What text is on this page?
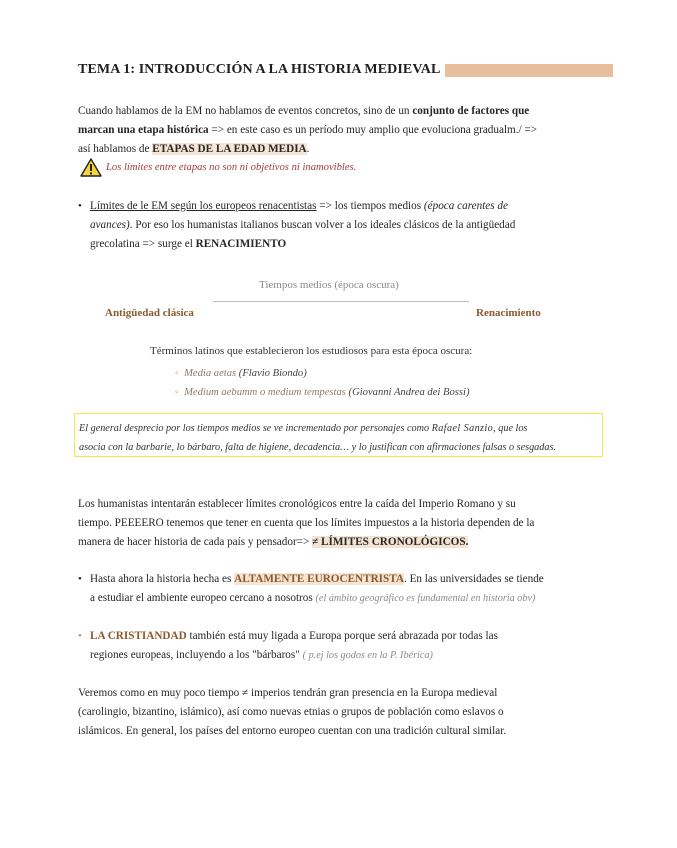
TEMA 1: INTRODUCCIÓN A LA HISTORIA MEDIEVAL

Cuando hablamos de la EM no hablamos de eventos concretos, sino de un conjunto de factores que

marcan una etapa histórica => en este caso es un período muy amplio que evoluciona gradualm./ =>

así hablamos de ETAPAS DE LA EDAD MEDIA.

Los límites entre etapas no son ni objetivos ni inamovibles.
• Límites de le EM según los europeos renacentistas => los tiempos medios (época carentes de

avances). Por eso los humanistas italianos buscan volver a los ideales clásicos de la antigüedad

grecolatina => surge el RENACIMIENTO

Tiempos medios (época oscura)
Antigüedad clásica	Renacimiento
Términos latinos que establecieron los estudiosos para esta época oscura:
◦ Media aetas (Flavio Biondo)
◦ Medium aebumm o medium tempestas (Giovanni Andrea dei Bossi)

El general desprecio por los tiempos medios se ve incrementado por personajes como Rafael Sanzio, que los

asocia con la barbarie, lo bárbaro, falta de higiene, decadencia… y lo justifican con afirmaciones falsas o sesgadas.

Los humanistas intentarán establecer límites cronológicos entre la caída del Imperio Romano y su

tiempo. PEEEERO tenemos que tener en cuenta que los límites impuestos a la historia dependen de la

manera de hacer historia de cada país y pensador=> ≠ LÍMITES CRONOLÓGICOS.

• Hasta ahora la historia hecha es ALTAMENTE EUROCENTRISTA. En las universidades se tiende

a estudiar el ambiente europeo cercano a nosotros (el ámbito geográfico es fundamental en historia obv)

• LA CRISTIANDAD también está muy ligada a Europa porque será abrazada por todas las

regiones europeas, incluyendo a los "bárbaros" ( p.ej los godos en la P. Ibérica)

Veremos como en muy poco tiempo ≠ imperios tendrán gran presencia en la Europa medieval

(carolingio, bizantino, islámico), así como nuevas etnias o grupos de población como eslavos o

islámicos. En general, los países del entorno europeo cuentan con una tradición cultural similar.
